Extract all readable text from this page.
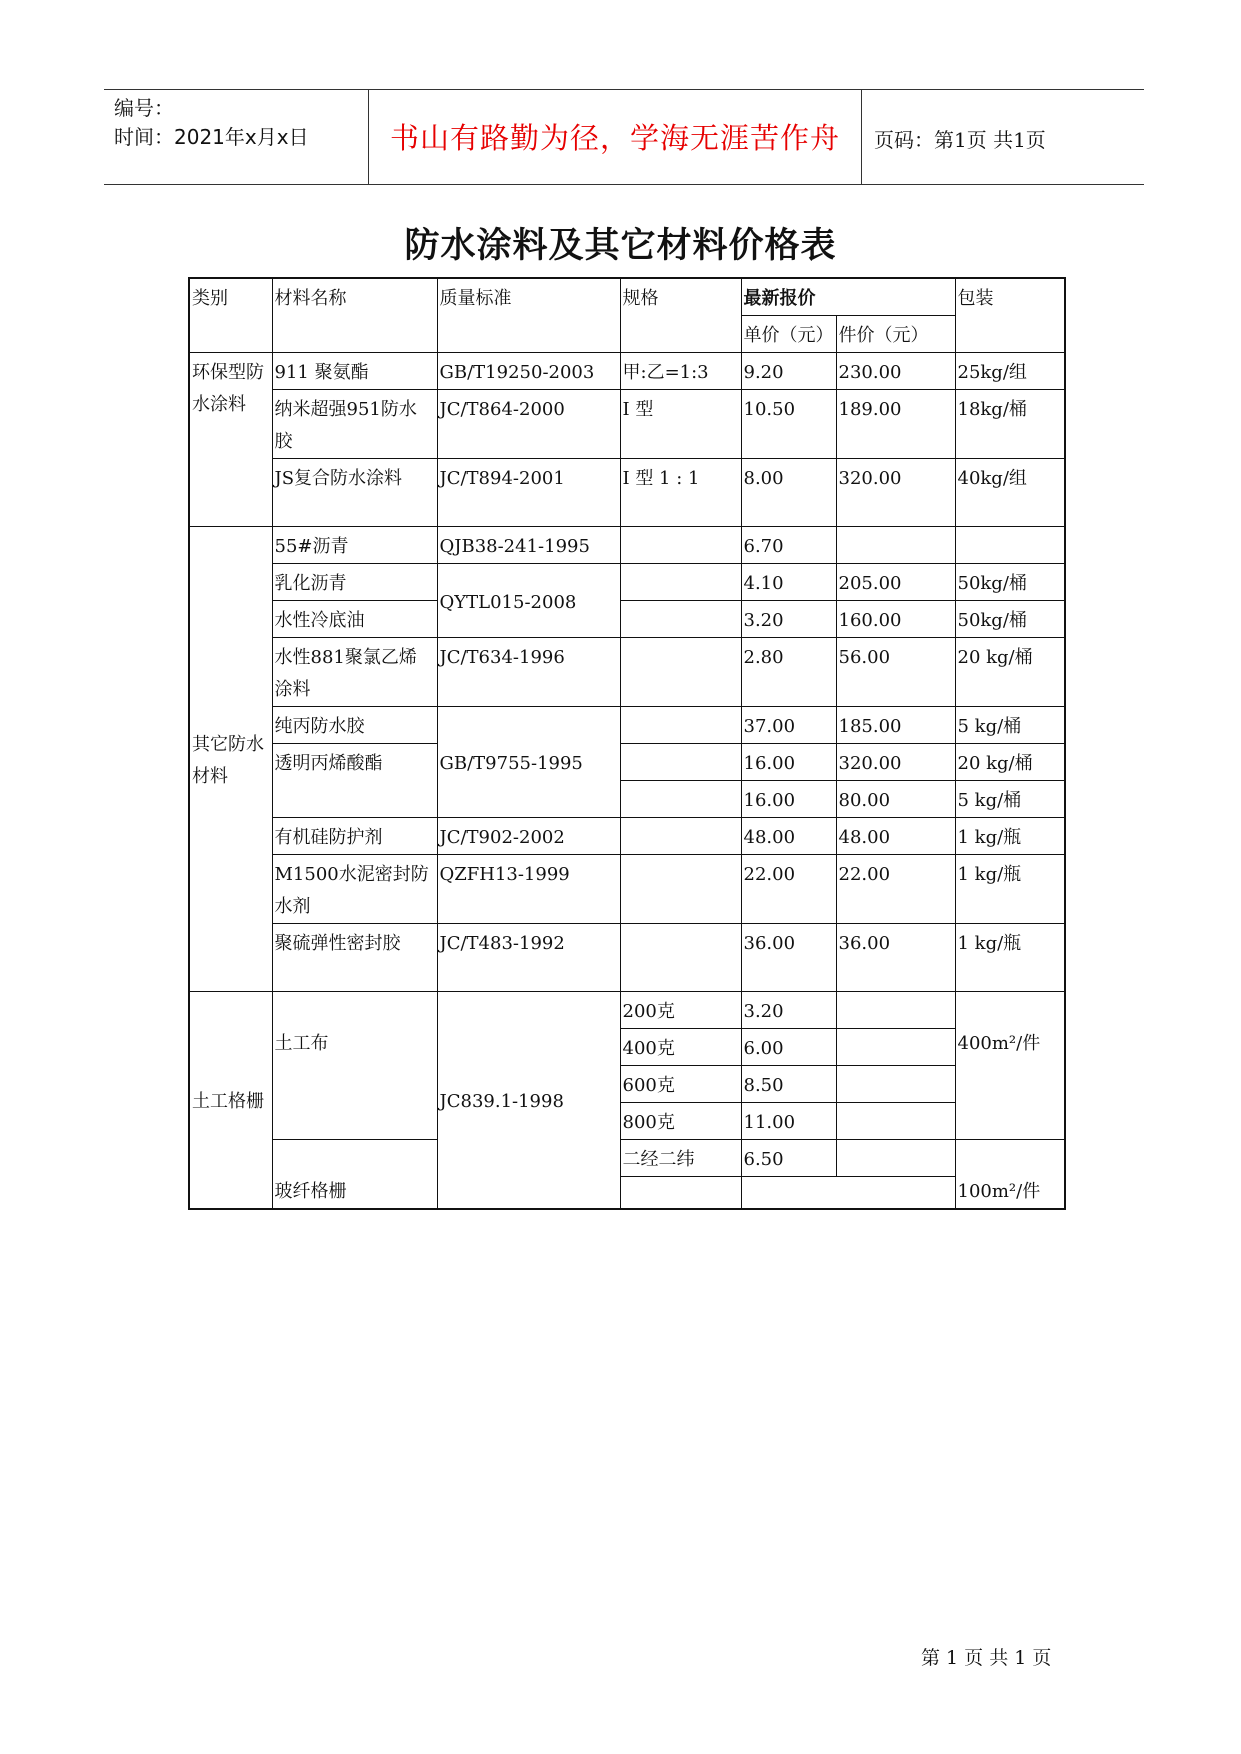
编号：
时间：2021年x月x日	书山有路勤为径，学海无涯苦作舟	页码：第1页 共1页
防水涂料及其它材料价格表
类别	材料名称	质量标准	规格	最新报价		包装
				单价（元）	件价（元）	
环保型防水涂料	911 聚氨酯	GB/T19250-2003	甲:乙=1:3	9.20	230.00	25kg/组
	纳米超强951防水胶	JC/T864-2000	I 型	10.50	189.00	18kg/桶
	JS复合防水涂料	JC/T894-2001	I 型 1 : 1	8.00	320.00	40kg/组
其它防水材料	55#沥青	QJB38-241-1995		6.70		
	乳化沥青	QYTL015-2008		4.10	205.00	50kg/桶
	水性冷底油			3.20	160.00	50kg/桶
	水性881聚氯乙烯涂料	JC/T634-1996		2.80	56.00	20 kg/桶
	纯丙防水胶	GB/T9755-1995		37.00	185.00	5 kg/桶
	透明丙烯酸酯			16.00	320.00	20 kg/桶
				16.00	80.00	5 kg/桶
	有机硅防护剂	JC/T902-2002		48.00	48.00	1 kg/瓶
	M1500水泥密封防水剂	QZFH13-1999		22.00	22.00	1 kg/瓶
	聚硫弹性密封胶	JC/T483-1992		36.00	36.00	1 kg/瓶
土工格栅	土工布	JC839.1-1998	200克	3.20		400m²/件
			400克	6.00		
			600克	8.50		
			800克	11.00		
	玻纤格栅		二经二纬	6.50		100m²/件

第 1 页 共 1 页
